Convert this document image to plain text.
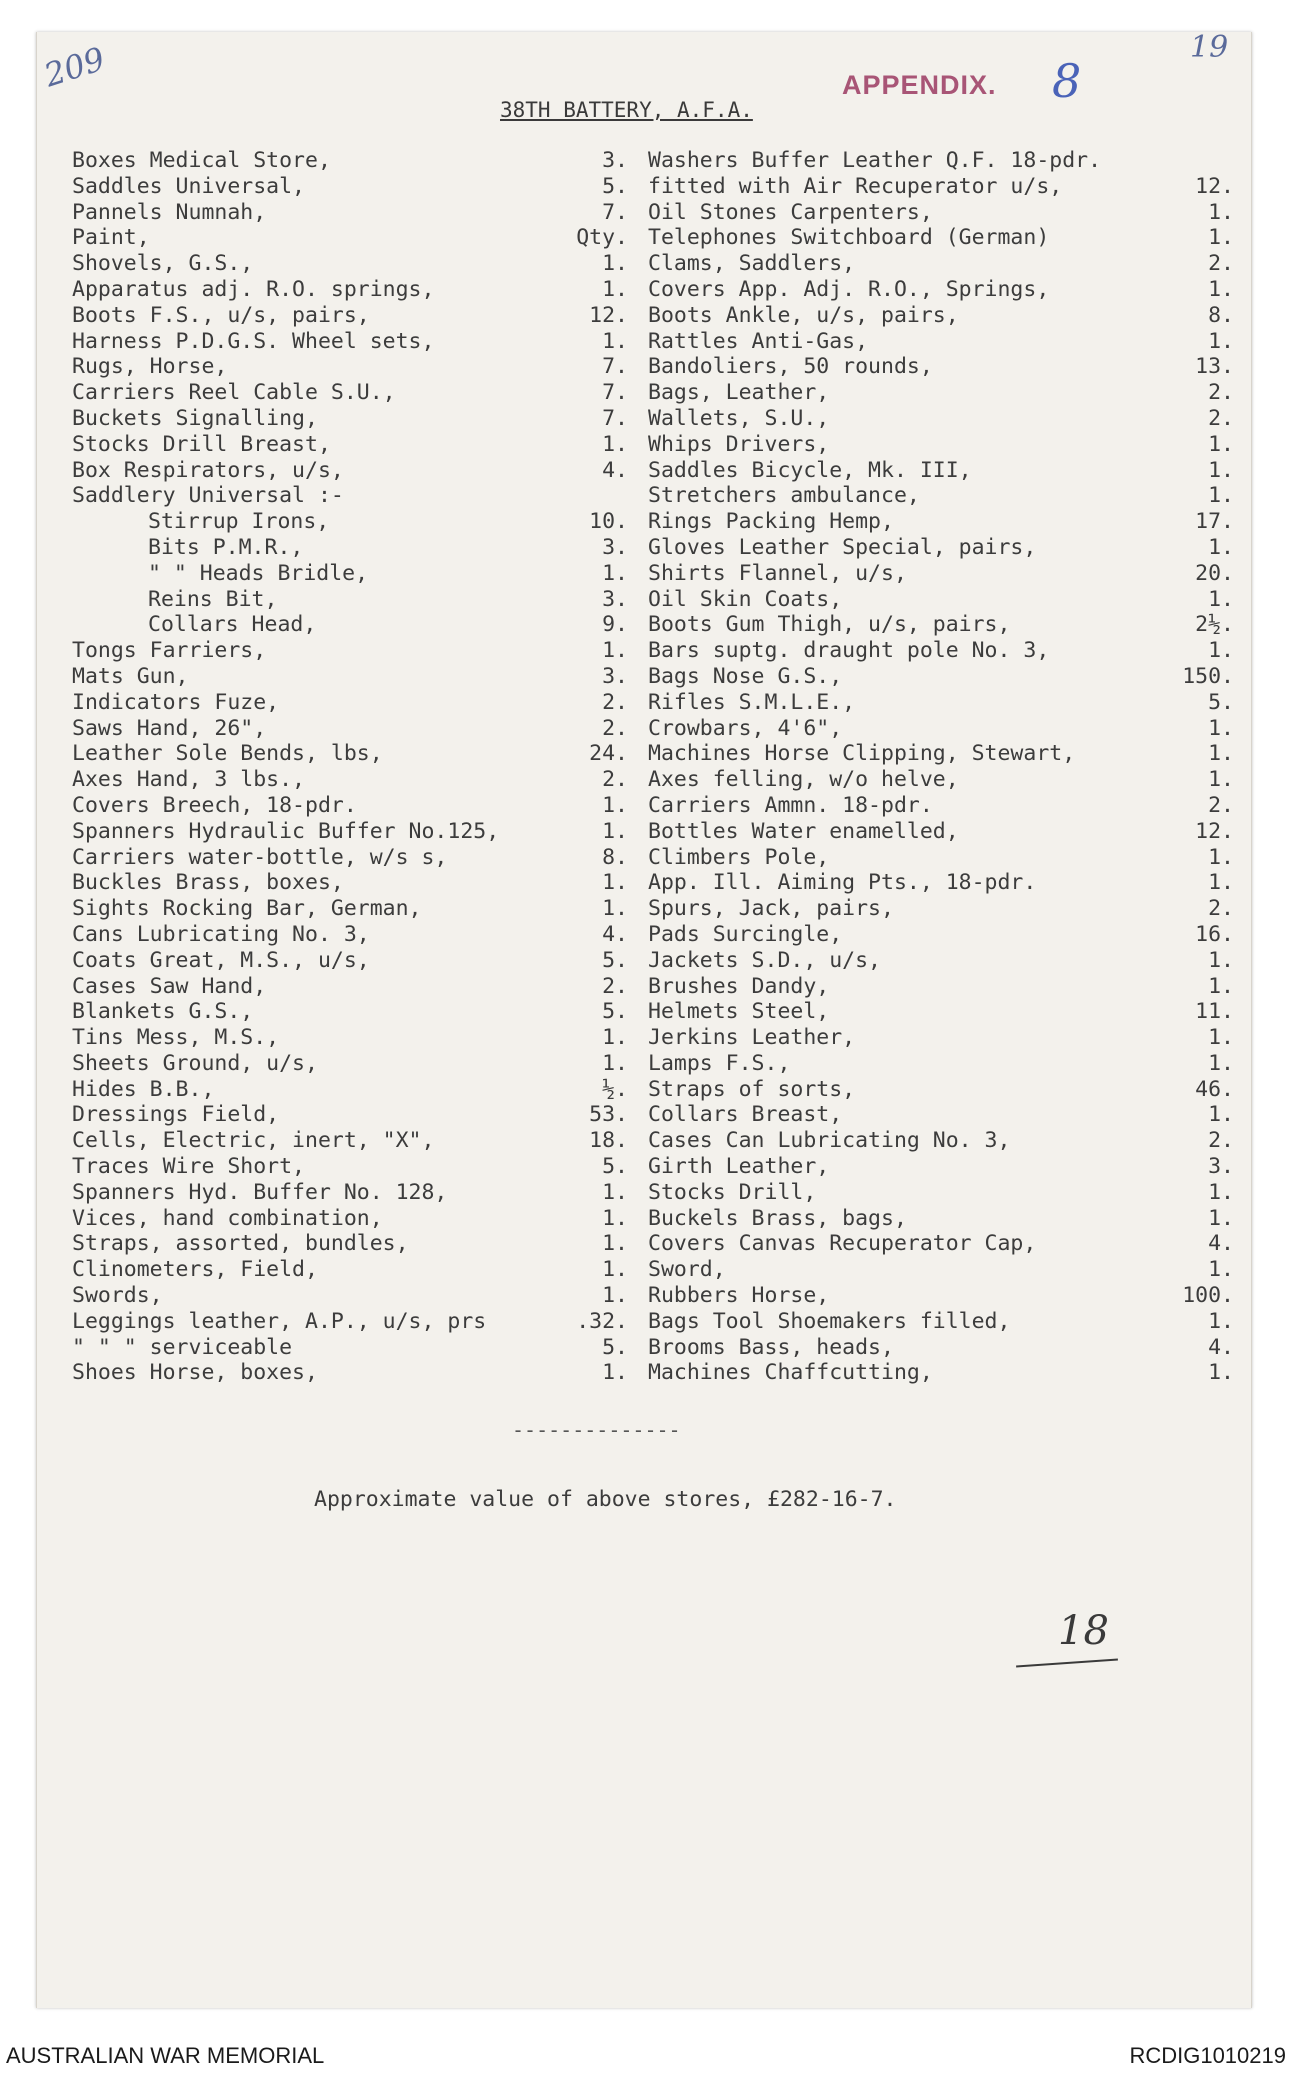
209	19
APPENDIX. 8
38TH BATTERY, A.F.A.
Boxes Medical Store,	3.
Saddles Universal,	5.
Pannels Numnah,	7.
Paint,	Qty.
Shovels, G.S.,	1.
Apparatus adj. R.O. springs,	1.
Boots F.S., u/s, pairs,	12.
Harness P.D.G.S. Wheel sets,	1.
Rugs, Horse,	7.
Carriers Reel Cable S.U.,	7.
Buckets Signalling,	7.
Stocks Drill Breast,	1.
Box Respirators, u/s,	4.
Saddlery Universal :-
Stirrup Irons,	10.
Bits P.M.R.,	3.
" " Heads Bridle,	1.
Reins Bit,	3.
Collars Head,	9.
Tongs Farriers,	1.
Mats Gun,	3.
Indicators Fuze,	2.
Saws Hand, 26",	2.
Leather Sole Bends, lbs,	24.
Axes Hand, 3 lbs.,	2.
Covers Breech, 18-pdr.	1.
Spanners Hydraulic Buffer No.125,	1.
Carriers water-bottle, w/s s,	8.
Buckles Brass, boxes,	1.
Sights Rocking Bar, German,	1.
Cans Lubricating No. 3,	4.
Coats Great, M.S., u/s,	5.
Cases Saw Hand,	2.
Blankets G.S.,	5.
Tins Mess, M.S.,	1.
Sheets Ground, u/s,	1.
Hides B.B.,	½.
Dressings Field,	53.
Cells, Electric, inert, "X",	18.
Traces Wire Short,	5.
Spanners Hyd. Buffer No. 128,	1.
Vices, hand combination,	1.
Straps, assorted, bundles,	1.
Clinometers, Field,	1.
Swords,	1.
Leggings leather, A.P., u/s, prs	.32.
" " " serviceable	5.
Shoes Horse, boxes,	1.
Washers Buffer Leather Q.F. 18-pdr.
fitted with Air Recuperator u/s,	12.
Oil Stones Carpenters,	1.
Telephones Switchboard (German)	1.
Clams, Saddlers,	2.
Covers App. Adj. R.O., Springs,	1.
Boots Ankle, u/s, pairs,	8.
Rattles Anti-Gas,	1.
Bandoliers, 50 rounds,	13.
Bags, Leather,	2.
Wallets, S.U.,	2.
Whips Drivers,	1.
Saddles Bicycle, Mk. III,	1.
Stretchers ambulance,	1.
Rings Packing Hemp,	17.
Gloves Leather Special, pairs,	1.
Shirts Flannel, u/s,	20.
Oil Skin Coats,	1.
Boots Gum Thigh, u/s, pairs,	2½.
Bars suptg. draught pole No. 3,	1.
Bags Nose G.S.,	150.
Rifles S.M.L.E.,	5.
Crowbars, 4'6",	1.
Machines Horse Clipping, Stewart,	1.
Axes felling, w/o helve,	1.
Carriers Ammn. 18-pdr.	2.
Bottles Water enamelled,	12.
Climbers Pole,	1.
App. Ill. Aiming Pts., 18-pdr.	1.
Spurs, Jack, pairs,	2.
Pads Surcingle,	16.
Jackets S.D., u/s,	1.
Brushes Dandy,	1.
Helmets Steel,	11.
Jerkins Leather,	1.
Lamps F.S.,	1.
Straps of sorts,	46.
Collars Breast,	1.
Cases Can Lubricating No. 3,	2.
Girth Leather,	3.
Stocks Drill,	1.
Buckels Brass, bags,	1.
Covers Canvas Recuperator Cap,	4.
Sword,	1.
Rubbers Horse,	100.
Bags Tool Shoemakers filled,	1.
Brooms Bass, heads,	4.
Machines Chaffcutting,	1.
--------------
Approximate value of above stores, £282-16-7.
18
AUSTRALIAN WAR MEMORIAL	RCDIG1010219
